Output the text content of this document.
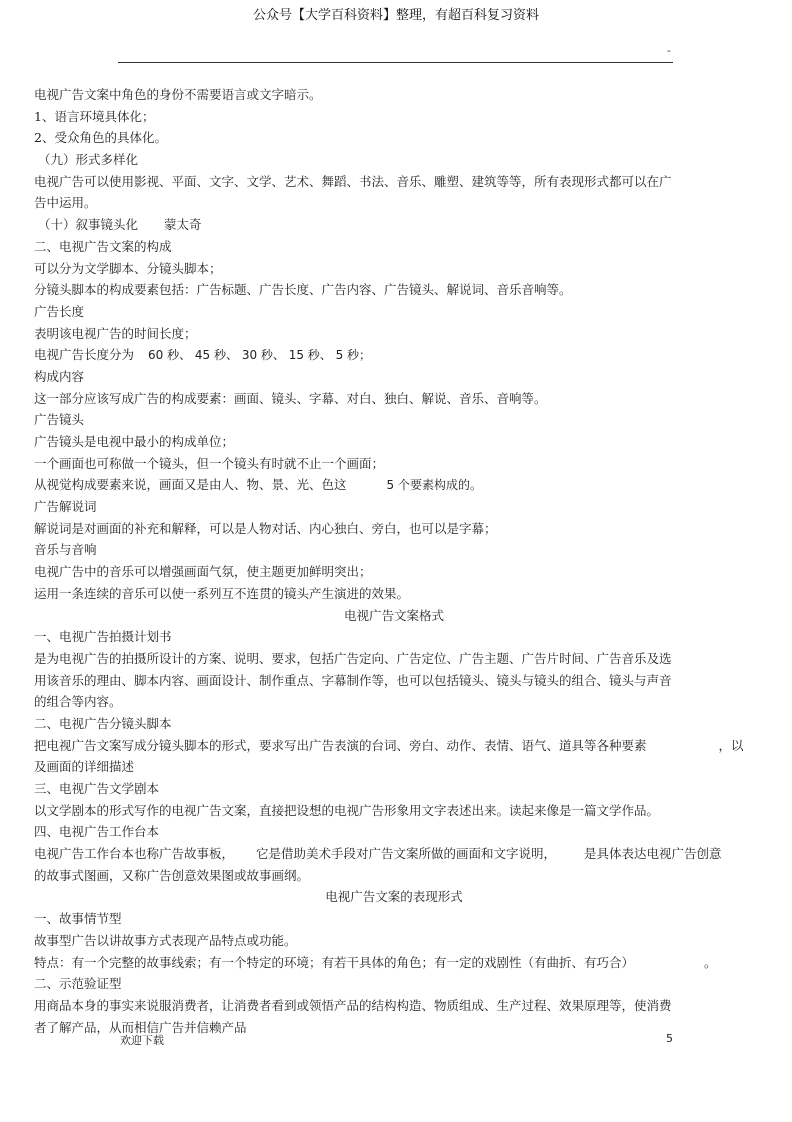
公众号【大学百科资料】整理，有超百科复习资料
-
电视广告文案中角色的身份不需要语言或文字暗示。
1、语言环境具体化；
2、受众角色的具体化。
（九）形式多样化
电视广告可以使用影视、平面、文字、文学、艺术、舞蹈、书法、音乐、雕塑、建筑等等，所有表现形式都可以在广
告中运用。
（十）叙事镜头化 蒙太奇
二、电视广告文案的构成
可以分为文学脚本、分镜头脚本；
分镜头脚本的构成要素包括：广告标题、广告长度、广告内容、广告镜头、解说词、音乐音响等。
广告长度
表明该电视广告的时间长度；
电视广告长度分为 60 秒、 45 秒、 30 秒、 15 秒、 5 秒；
构成内容
这一部分应该写成广告的构成要素：画面、镜头、字幕、对白、独白、解说、音乐、音响等。
广告镜头
广告镜头是电视中最小的构成单位；
一个画面也可称做一个镜头，但一个镜头有时就不止一个画面；
从视觉构成要素来说，画面又是由人、物、景、光、色这	5 个要素构成的。
广告解说词
解说词是对画面的补充和解释，可以是人物对话、内心独白、旁白，也可以是字幕；
音乐与音响
电视广告中的音乐可以增强画面气氛，使主题更加鲜明突出；
运用一条连续的音乐可以使一系列互不连贯的镜头产生演进的效果。
电视广告文案格式
一、电视广告拍摄计划书
是为电视广告的拍摄所设计的方案、说明、要求，包括广告定向、广告定位、广告主题、广告片时间、广告音乐及选
用该音乐的理由、脚本内容、画面设计、制作重点、字幕制作等，也可以包括镜头、镜头与镜头的组合、镜头与声音
的组合等内容。
二、电视广告分镜头脚本
把电视广告文案写成分镜头脚本的形式，要求写出广告表演的台词、旁白、动作、表情、语气、道具等各种要素	，以
及画面的详细描述
三、电视广告文学剧本
以文学剧本的形式写作的电视广告文案，直接把设想的电视广告形象用文字表述出来。读起来像是一篇文学作品。
四、电视广告工作台本
电视广告工作台本也称广告故事板， 它是借助美术手段对广告文案所做的画面和文字说明， 是具体表达电视广告创意
的故事式图画，又称广告创意效果图或故事画纲。
电视广告文案的表现形式
一、故事情节型
故事型广告以讲故事方式表现产品特点或功能。
特点：有一个完整的故事线索；有一个特定的环境；有若干具体的角色；有一定的戏剧性（有曲折、有巧合）	。
二、示范验证型
用商品本身的事实来说服消费者，让消费者看到或领悟产品的结构构造、物质组成、生产过程、效果原理等，使消费
者了解产品，从而相信广告并信赖产品
欢迎下载	5
